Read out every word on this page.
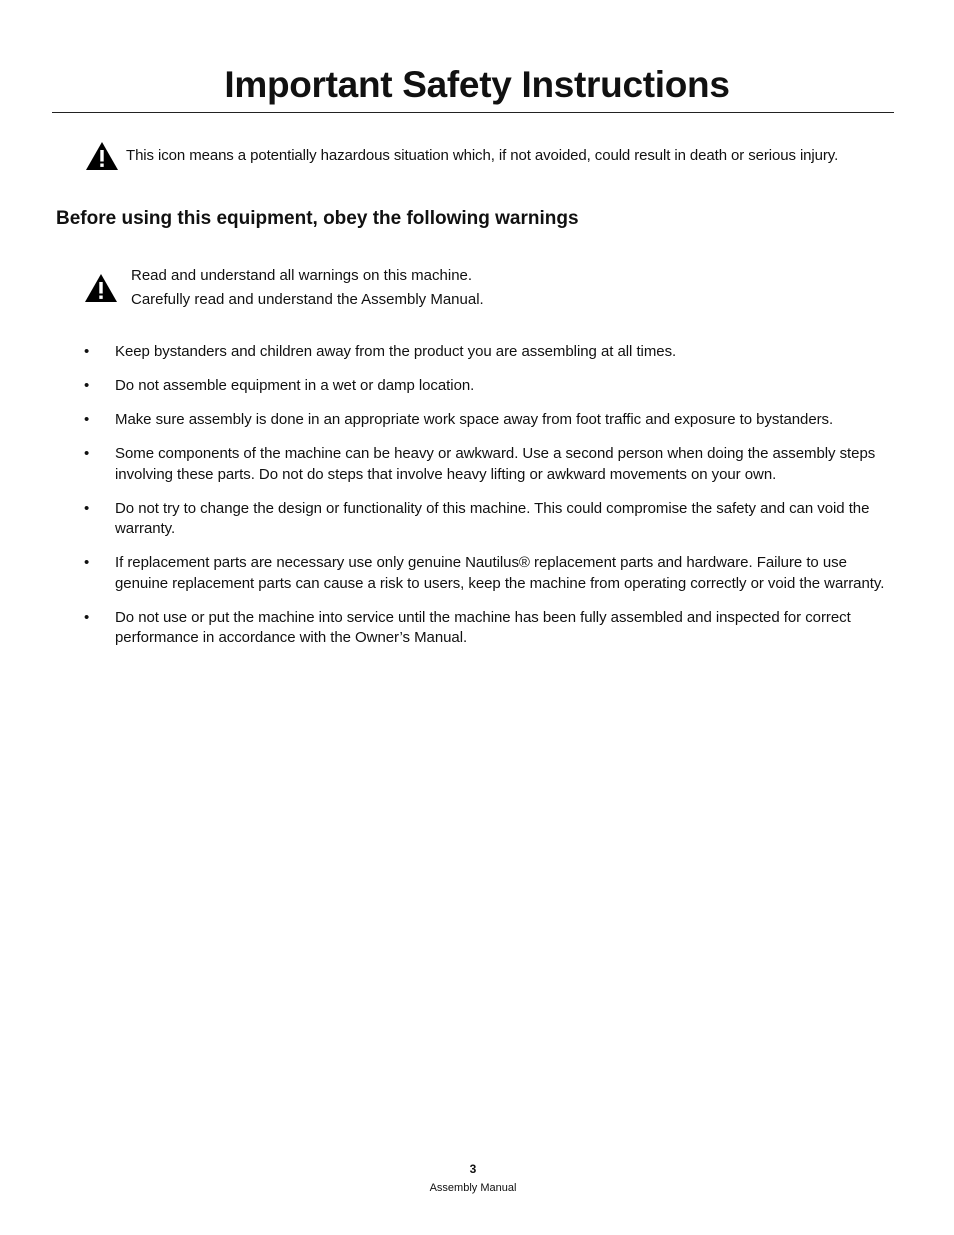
Important Safety Instructions
This icon means a potentially hazardous situation which, if not avoided, could result in death or serious injury.
Before using this equipment, obey the following warnings
Read and understand all warnings on this machine.
Carefully read and understand the Assembly Manual.
•	Keep bystanders and children away from the product you are assembling at all times.
•	Do not assemble equipment in a wet or damp location.
•	Make sure assembly is done in an appropriate work space away from foot traffic and exposure to bystanders.
•	Some components of the machine can be heavy or awkward. Use a second person when doing the assembly steps involving these parts. Do not do steps that involve heavy lifting or awkward movements on your own.
•	Do not try to change the design or functionality of this machine. This could compromise the safety and can void the warranty.
•	If replacement parts are necessary use only genuine Nautilus® replacement parts and hardware. Failure to use genuine replacement parts can cause a risk to users, keep the machine from operating correctly or void the warranty.
•	Do not use or put the machine into service until the machine has been fully assembled and inspected for correct performance in accordance with the Owner’s Manual.
3
Assembly Manual
